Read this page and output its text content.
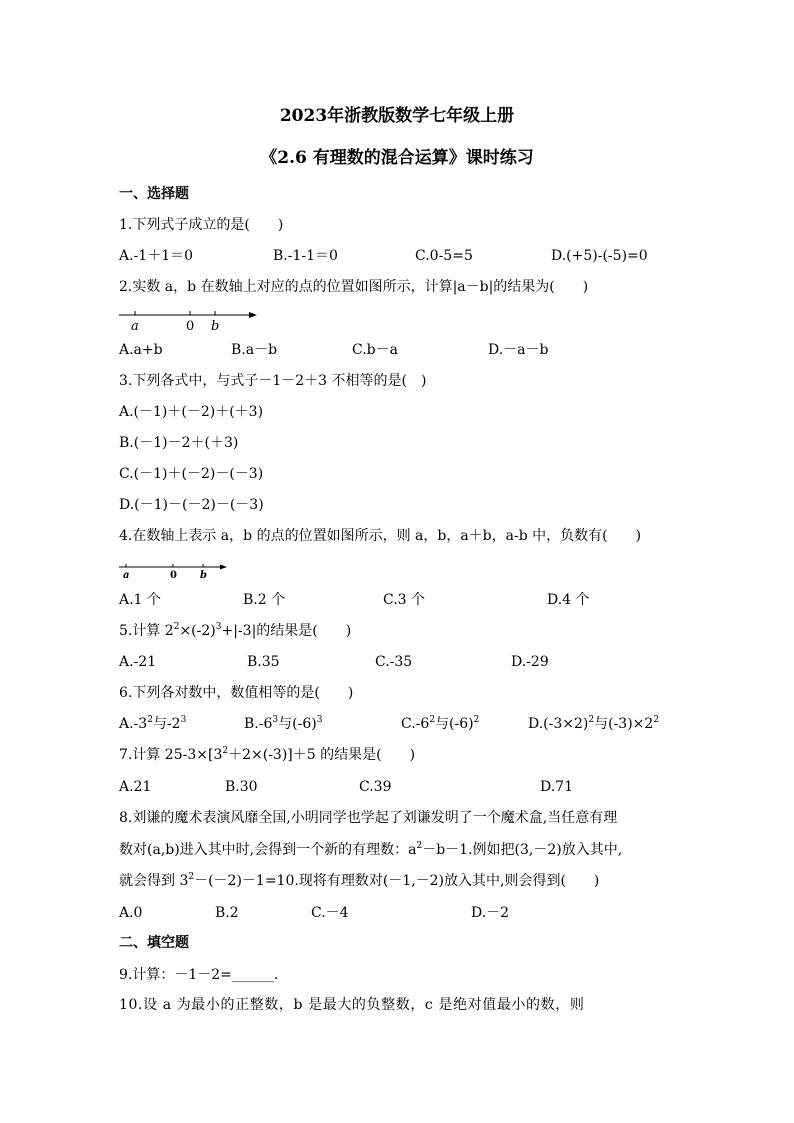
2023年浙教版数学七年级上册
《2.6 有理数的混合运算》课时练习
一、选择题
1.下列式子成立的是(　　)
A.-1＋1＝0	B.-1-1＝0	C.0-5=5	D.(+5)-(-5)=0
2.实数 a，b 在数轴上对应的点的位置如图所示，计算|a－b|的结果为(　　)
a	0 b
A.a+b	B.a－b	C.b－a	D.－a－b
3.下列各式中，与式子－1－2＋3 不相等的是(　)
A.(－1)＋(－2)＋(＋3)
B.(－1)－2＋(＋3)
C.(－1)＋(－2)－(－3)
D.(－1)－(－2)－(－3)
4.在数轴上表示 a，b 的点的位置如图所示，则 a，b，a＋b，a-b 中，负数有(　　)
a	0 b
A.1 个	B.2 个	C.3 个	D.4 个
5.计算 $2^2\times(-2)^3+|-3|$的结果是(　　)
A.-21	B.35	C.-35	D.-29
6.下列各对数中，数值相等的是(　　)
$A.-3^2$与$-2^3$	$B.-6^3$与$(-6)^3$	$C.-6^2$与$(-6)^2$	$D.(-3\times 2)^2$与$(-3)\times 2^2$
7.计算 $25-3\times[3^2+2\times(-3)]+5$ 的结果是(　　)
A.21	B.30	C.39	D.71
8.刘谦的魔术表演风靡全国,小明同学也学起了刘谦发明了一个魔术盒,当任意有理
数对(a,b)进入其中时,会得到一个新的有理数：$a^2-b-1$.例如把(3,－2)放入其中,
就会得到 $3^2-(-2)-1=10$.现将有理数对(－1,－2)放入其中,则会得到(　　)
A.0	B.2	C.－4	D.－2
二、填空题
9.计算：－1－2=______.
10.设 a 为最小的正整数，b 是最大的负整数，c 是绝对值最小的数，则
